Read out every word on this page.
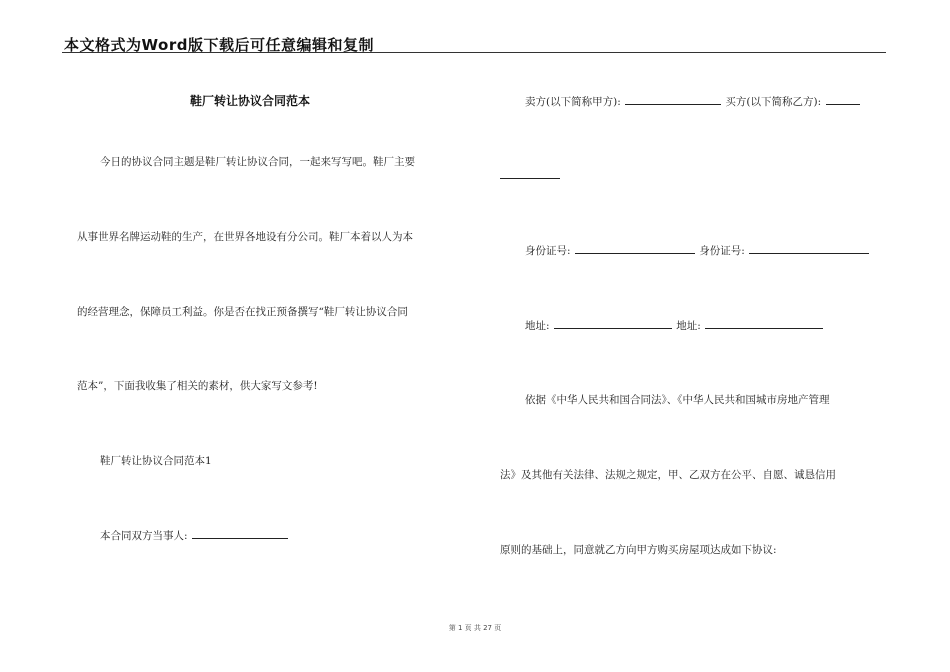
本文格式为Word版下载后可任意编辑和复制
鞋厂转让协议合同范本
今日的协议合同主题是鞋厂转让协议合同，一起来写写吧。鞋厂主要
从事世界名牌运动鞋的生产，在世界各地设有分公司。鞋厂本着以人为本
的经营理念，保障员工利益。你是否在找正预备撰写“鞋厂转让协议合同
范本”，下面我收集了相关的素材，供大家写文参考!
鞋厂转让协议合同范本1
本合同双方当事人:
卖方(以下简称甲方):	买方(以下简称乙方):
身份证号:	身份证号:
地址:	地址:
依据《中华人民共和国合同法》、《中华人民共和国城市房地产管理
法》及其他有关法律、法规之规定，甲、乙双方在公平、自愿、诚恳信用
原则的基础上，同意就乙方向甲方购买房屋项达成如下协议:
第 1 页 共 27 页
